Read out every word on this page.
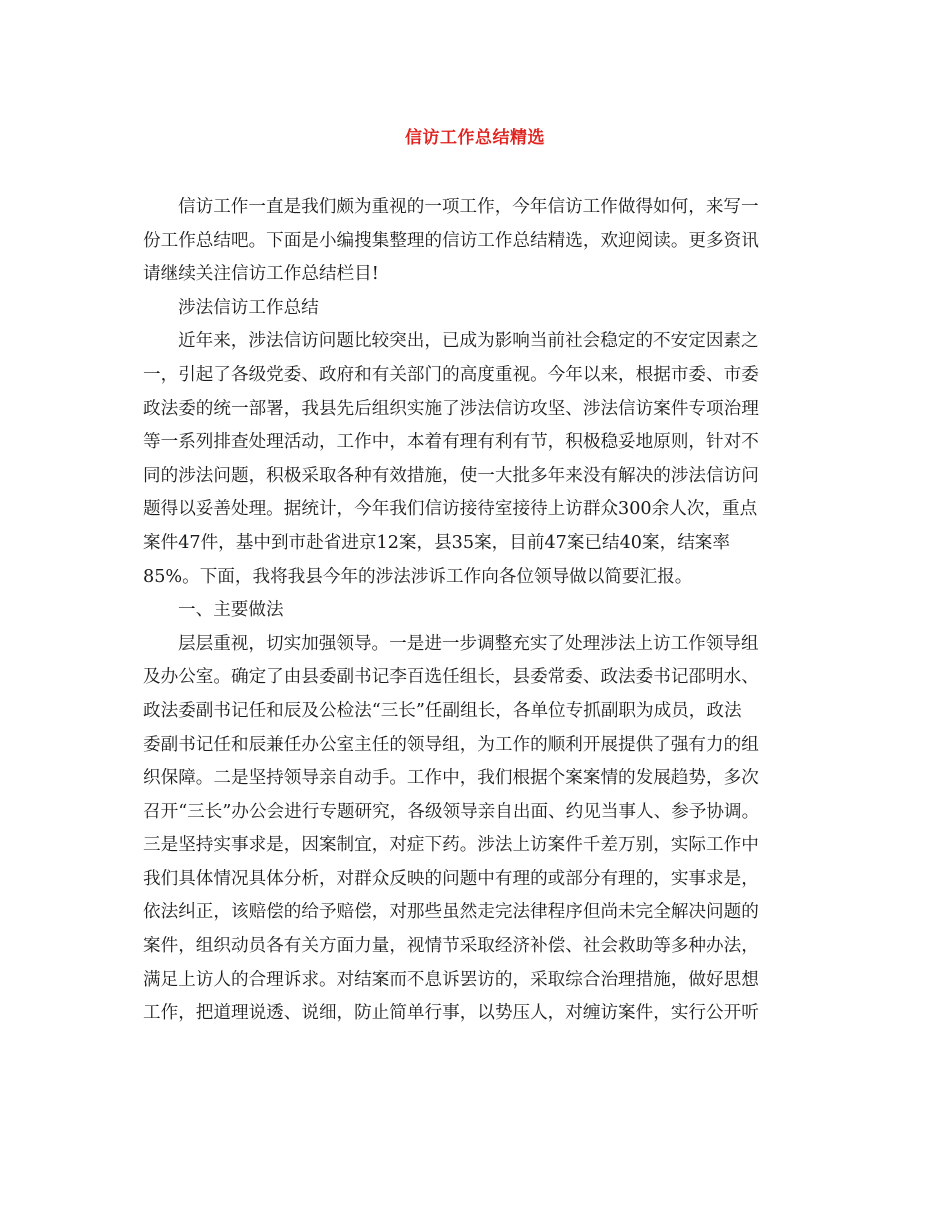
信访工作总结精选

信访工作一直是我们颇为重视的一项工作，今年信访工作做得如何，来写一

份工作总结吧。下面是小编搜集整理的信访工作总结精选，欢迎阅读。更多资讯

请继续关注信访工作总结栏目!

涉法信访工作总结

近年来，涉法信访问题比较突出，已成为影响当前社会稳定的不安定因素之

一，引起了各级党委、政府和有关部门的高度重视。今年以来，根据市委、市委

政法委的统一部署，我县先后组织实施了涉法信访攻坚、涉法信访案件专项治理

等一系列排查处理活动，工作中，本着有理有利有节，积极稳妥地原则，针对不

同的涉法问题，积极采取各种有效措施，使一大批多年来没有解决的涉法信访问

题得以妥善处理。据统计，今年我们信访接待室接待上访群众300余人次，重点

案件47件，基中到市赴省进京12案，县35案，目前47案已结40案，结案率

85%。下面，我将我县今年的涉法涉诉工作向各位领导做以简要汇报。

一、主要做法

层层重视，切实加强领导。一是进一步调整充实了处理涉法上访工作领导组

及办公室。确定了由县委副书记李百选任组长，县委常委、政法委书记邵明水、

政法委副书记任和辰及公检法“三长”任副组长，各单位专抓副职为成员，政法

委副书记任和辰兼任办公室主任的领导组，为工作的顺利开展提供了强有力的组

织保障。二是坚持领导亲自动手。工作中，我们根据个案案情的发展趋势，多次

召开“三长”办公会进行专题研究，各级领导亲自出面、约见当事人、参予协调。

三是坚持实事求是，因案制宜，对症下药。涉法上访案件千差万别，实际工作中

我们具体情况具体分析，对群众反映的问题中有理的或部分有理的，实事求是，

依法纠正，该赔偿的给予赔偿，对那些虽然走完法律程序但尚未完全解决问题的

案件，组织动员各有关方面力量，视情节采取经济补偿、社会救助等多种办法，

满足上访人的合理诉求。对结案而不息诉罢访的，采取综合治理措施，做好思想

工作，把道理说透、说细，防止简单行事，以势压人，对缠访案件，实行公开听
